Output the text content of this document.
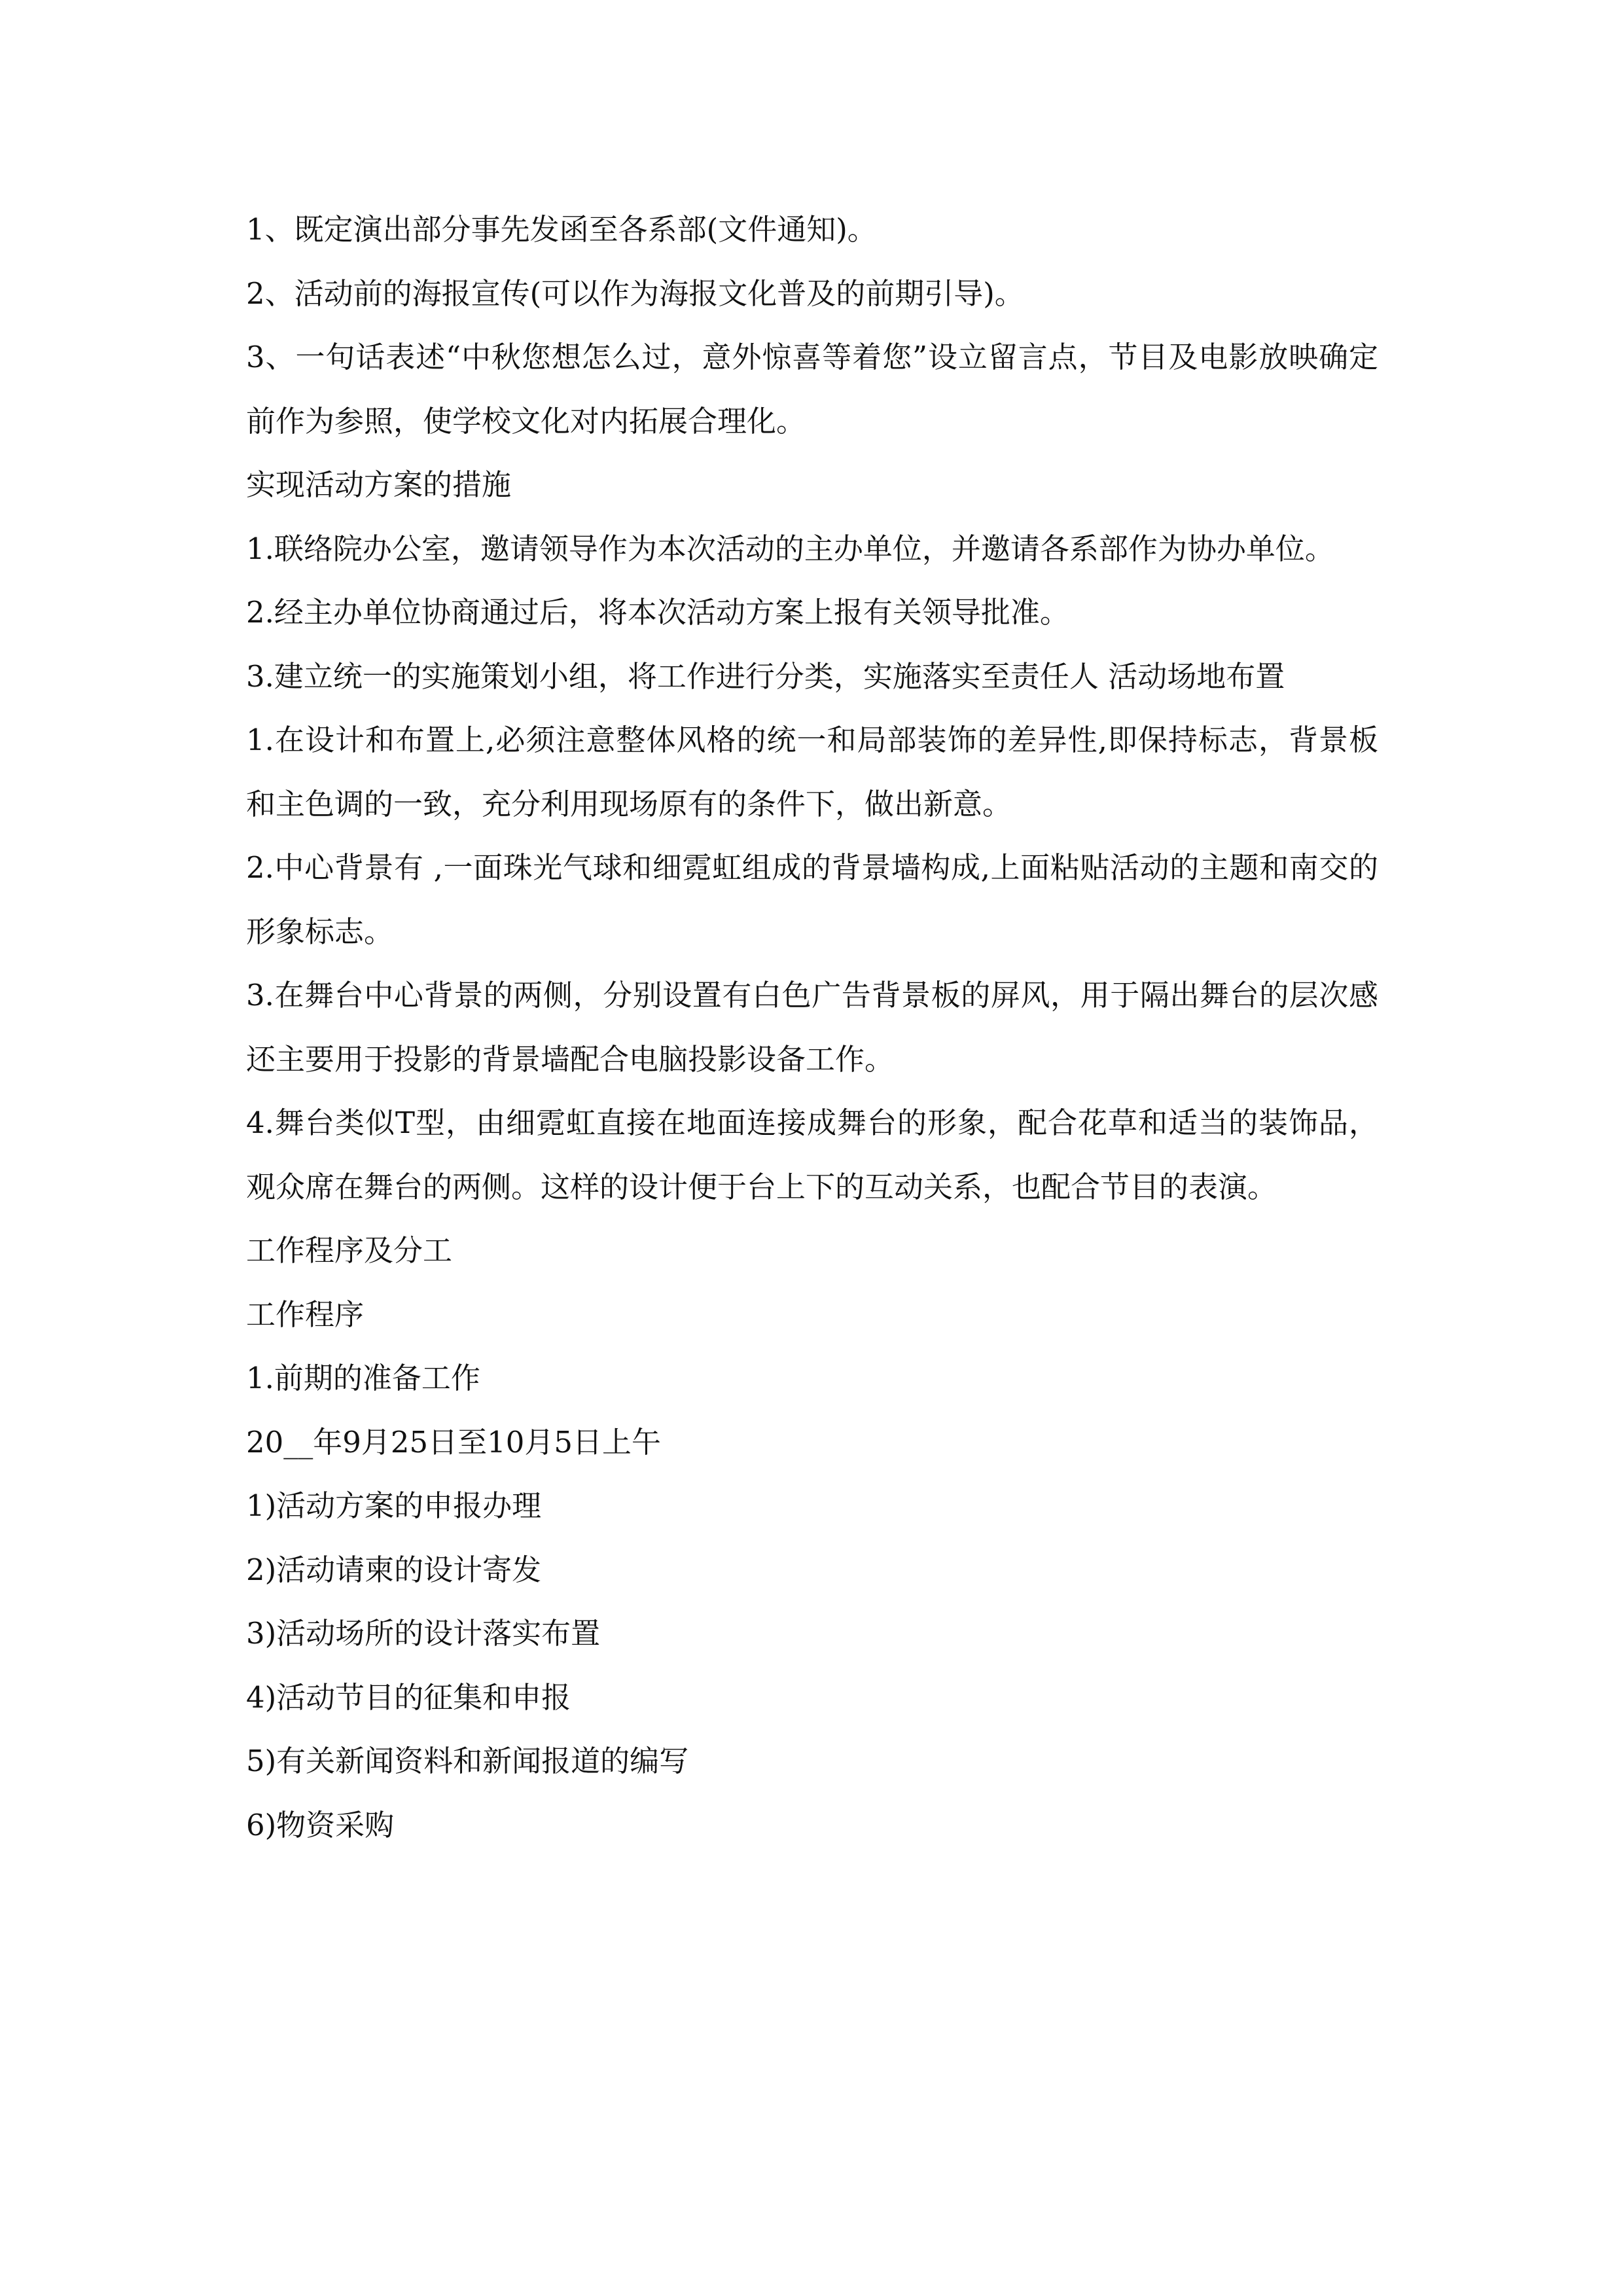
1、既定演出部分事先发函至各系部(文件通知)。

2、活动前的海报宣传(可以作为海报文化普及的前期引导)。

3、一句话表述“中秋您想怎么过，意外惊喜等着您”设立留言点，节目及电影放映确定前作为参照，使学校文化对内拓展合理化。

实现活动方案的措施

1.联络院办公室，邀请领导作为本次活动的主办单位，并邀请各系部作为协办单位。

2.经主办单位协商通过后，将本次活动方案上报有关领导批准。

3.建立统一的实施策划小组，将工作进行分类，实施落实至责任人 活动场地布置

1.在设计和布置上,必须注意整体风格的统一和局部装饰的差异性,即保持标志，背景板和主色调的一致，充分利用现场原有的条件下，做出新意。

2.中心背景有 ,一面珠光气球和细霓虹组成的背景墙构成,上面粘贴活动的主题和南交的形象标志。

3.在舞台中心背景的两侧，分别设置有白色广告背景板的屏风，用于隔出舞台的层次感还主要用于投影的背景墙配合电脑投影设备工作。

4.舞台类似T型，由细霓虹直接在地面连接成舞台的形象，配合花草和适当的装饰品，观众席在舞台的两侧。这样的设计便于台上下的互动关系，也配合节目的表演。

工作程序及分工

工作程序

1.前期的准备工作

20__年9月25日至10月5日上午

1)活动方案的申报办理

2)活动请柬的设计寄发

3)活动场所的设计落实布置

4)活动节目的征集和申报

5)有关新闻资料和新闻报道的编写

6)物资采购
